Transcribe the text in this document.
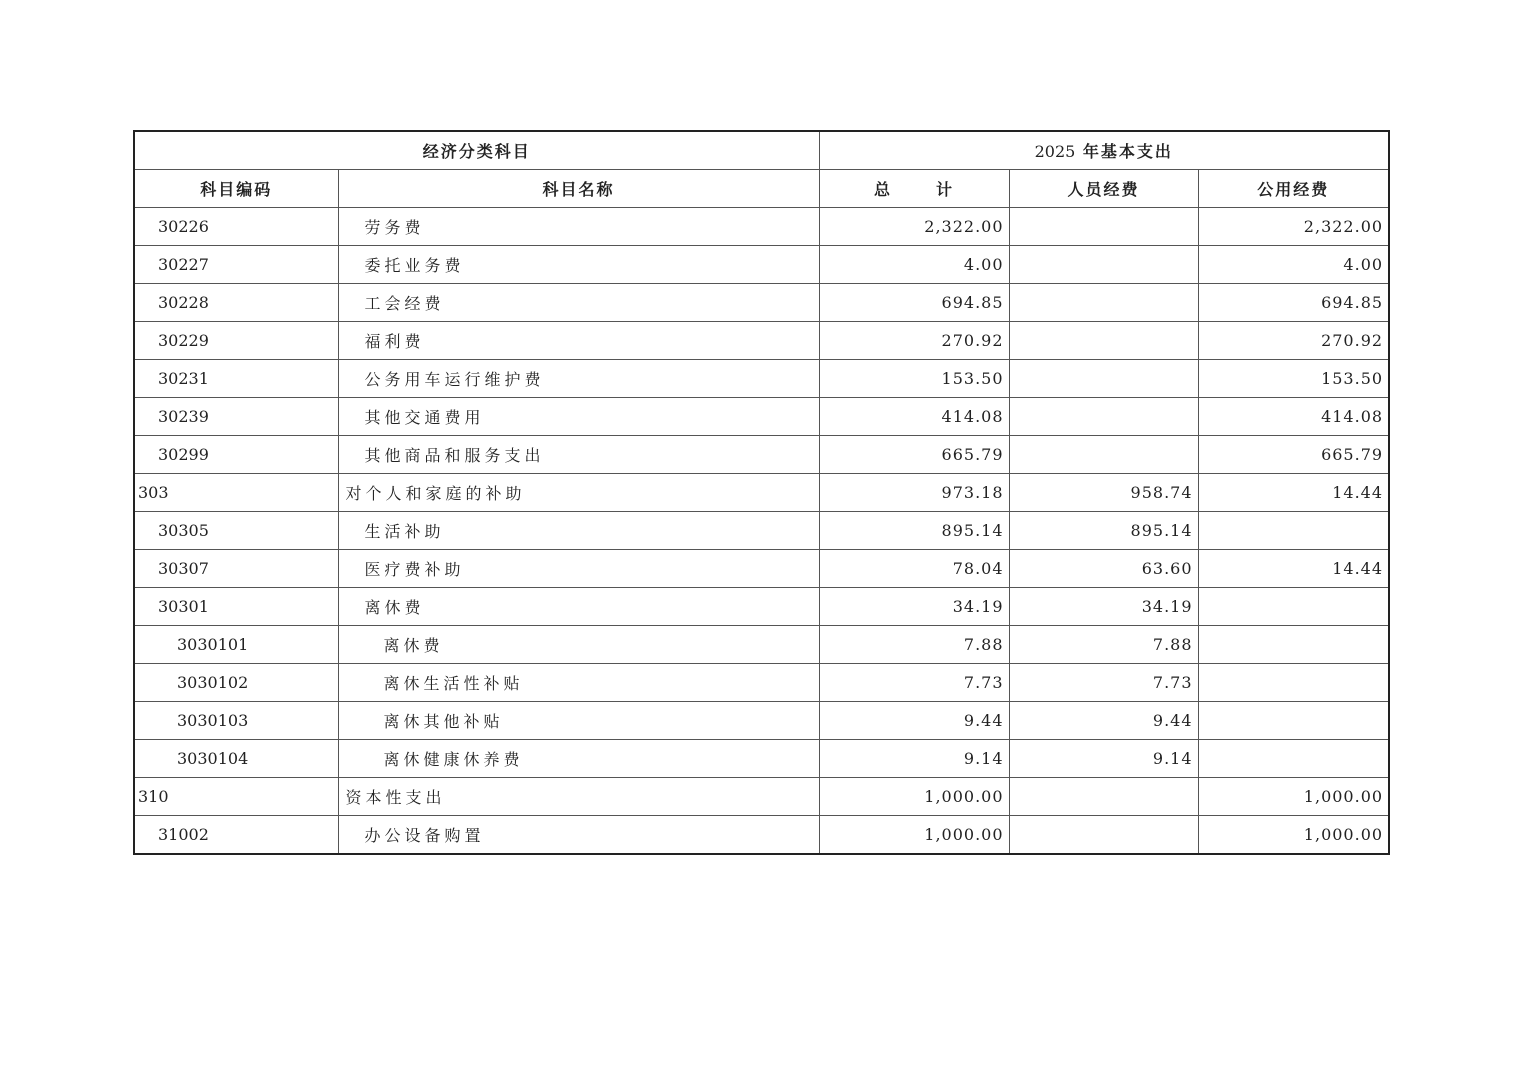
经济分类科目		2025 年基本支出		
科目编码	科目名称	总 计	人员经费	公用经费
30226	劳务费	2,322.00		2,322.00
30227	委托业务费	4.00		4.00
30228	工会经费	694.85		694.85
30229	福利费	270.92		270.92
30231	公务用车运行维护费	153.50		153.50
30239	其他交通费用	414.08		414.08
30299	其他商品和服务支出	665.79		665.79
303	对个人和家庭的补助	973.18	958.74	14.44
30305	生活补助	895.14	895.14	
30307	医疗费补助	78.04	63.60	14.44
30301	离休费	34.19	34.19	
3030101	离休费	7.88	7.88	
3030102	离休生活性补贴	7.73	7.73	
3030103	离休其他补贴	9.44	9.44	
3030104	离休健康休养费	9.14	9.14	
310	资本性支出	1,000.00		1,000.00
31002	办公设备购置	1,000.00		1,000.00
